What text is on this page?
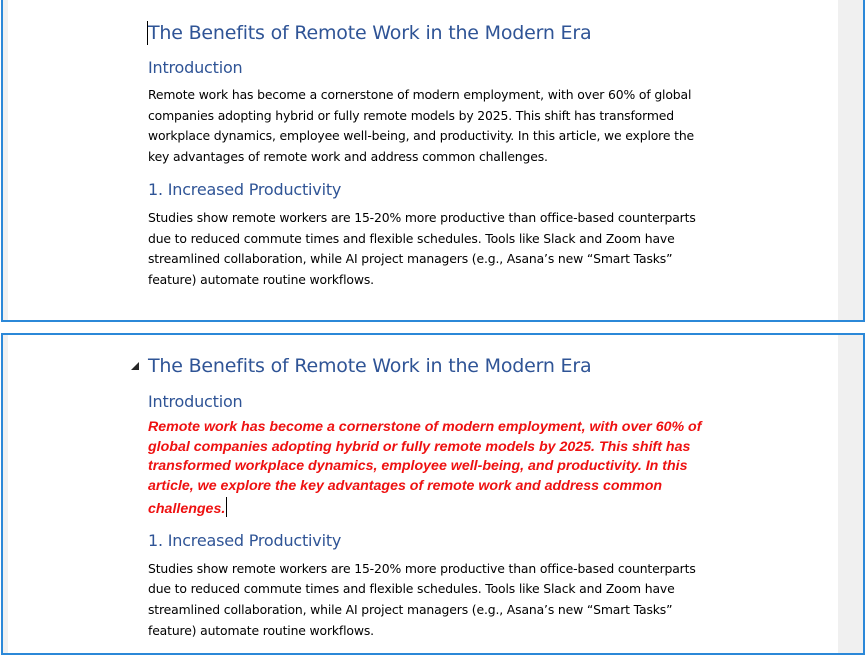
The Benefits of Remote Work in the Modern Era

Introduction

Remote work has become a cornerstone of modern employment, with over 60% of global companies adopting hybrid or fully remote models by 2025. This shift has transformed workplace dynamics, employee well-being, and productivity. In this article, we explore the key advantages of remote work and address common challenges.

1. Increased Productivity

Studies show remote workers are 15-20% more productive than office-based counterparts due to reduced commute times and flexible schedules. Tools like Slack and Zoom have streamlined collaboration, while AI project managers (e.g., Asana’s new “Smart Tasks” feature) automate routine workflows.

The Benefits of Remote Work in the Modern Era

Introduction

Remote work has become a cornerstone of modern employment, with over 60% of global companies adopting hybrid or fully remote models by 2025. This shift has transformed workplace dynamics, employee well-being, and productivity. In this article, we explore the key advantages of remote work and address common challenges.

1. Increased Productivity

Studies show remote workers are 15-20% more productive than office-based counterparts due to reduced commute times and flexible schedules. Tools like Slack and Zoom have streamlined collaboration, while AI project managers (e.g., Asana’s new “Smart Tasks” feature) automate routine workflows.
